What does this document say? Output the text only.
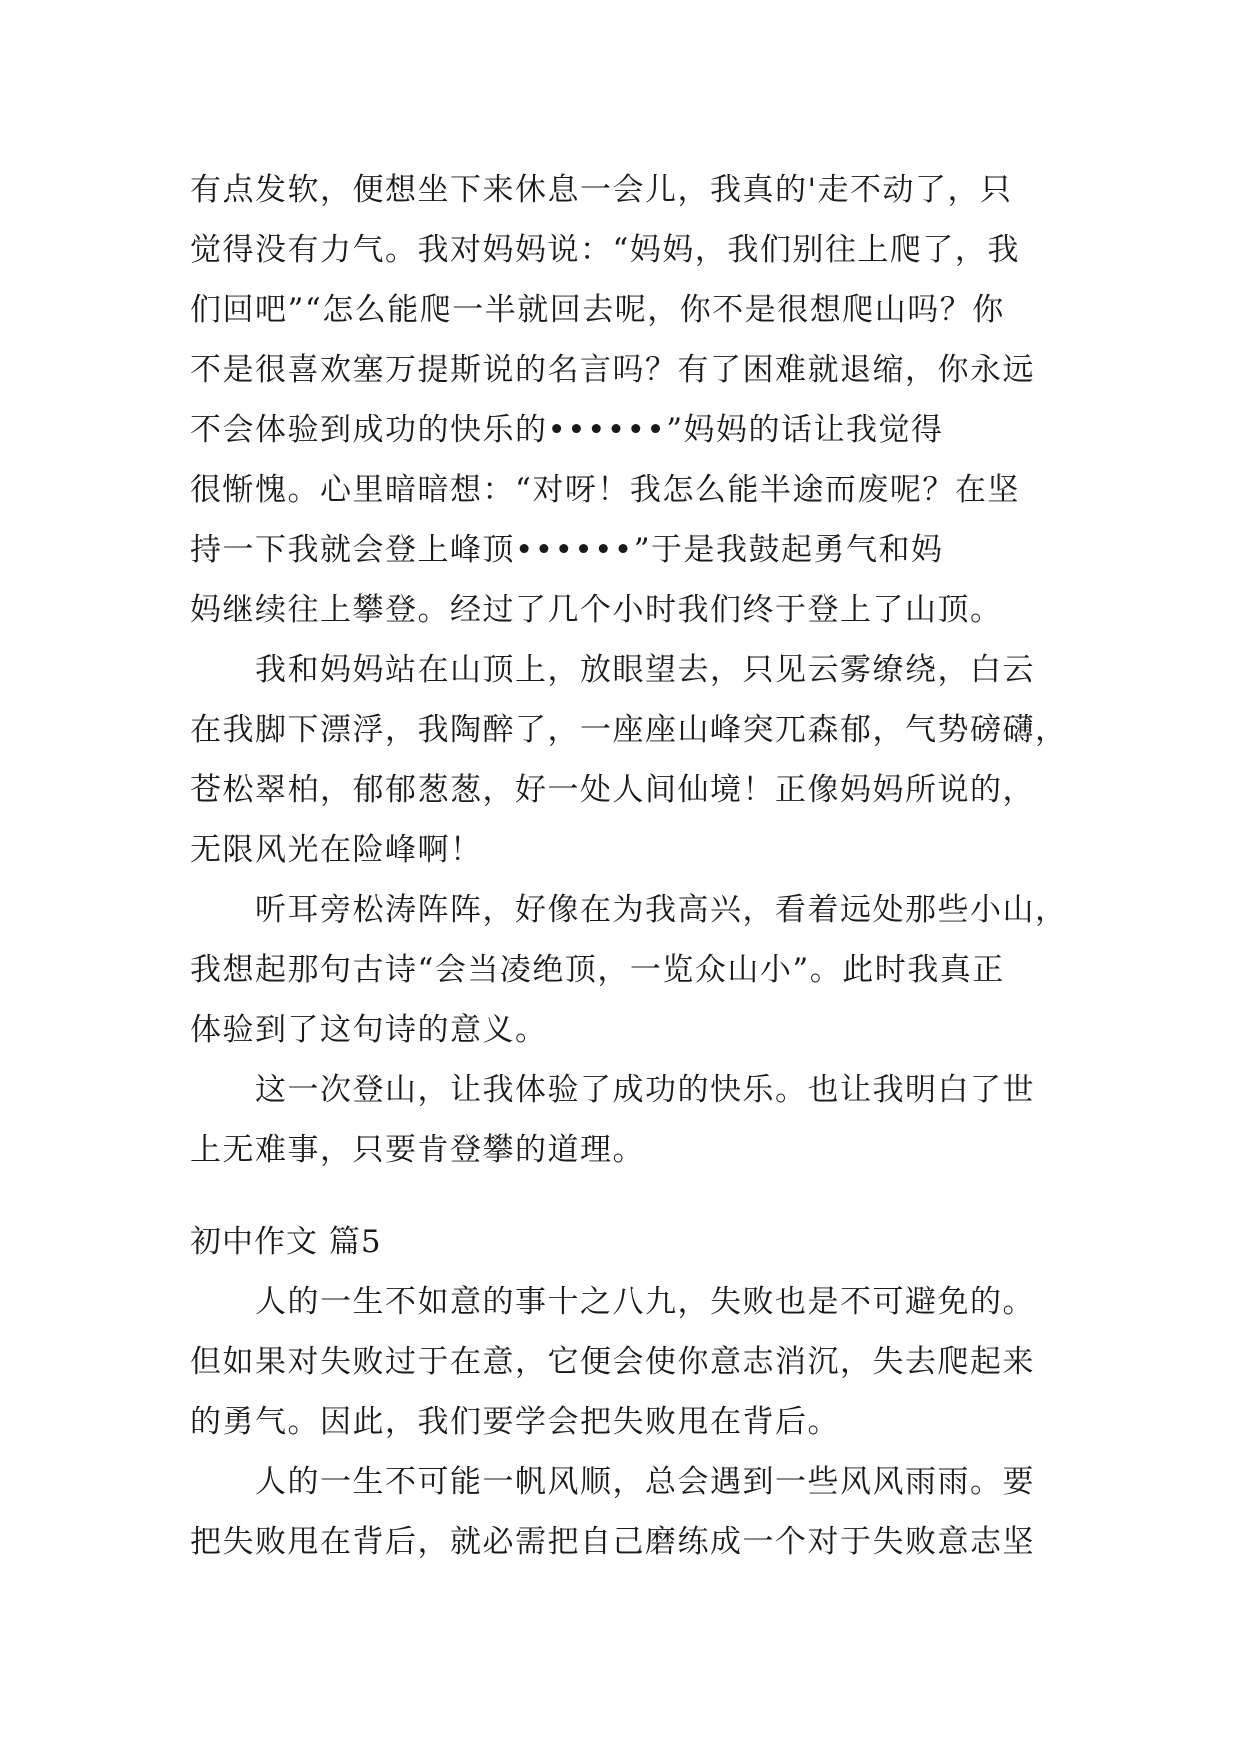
有点发软，便想坐下来休息一会儿，我真的'走不动了，只
觉得没有力气。我对妈妈说：“妈妈，我们别往上爬了，我
们回吧”“怎么能爬一半就回去呢，你不是很想爬山吗？你
不是很喜欢塞万提斯说的名言吗？有了困难就退缩，你永远
不会体验到成功的快乐的••••••”妈妈的话让我觉得
很惭愧。心里暗暗想：“对呀！我怎么能半途而废呢？在坚
持一下我就会登上峰顶••••••”于是我鼓起勇气和妈
妈继续往上攀登。经过了几个小时我们终于登上了山顶。
　　我和妈妈站在山顶上，放眼望去，只见云雾缭绕，白云
在我脚下漂浮，我陶醉了，一座座山峰突兀森郁，气势磅礴，
苍松翠柏，郁郁葱葱，好一处人间仙境！正像妈妈所说的，
无限风光在险峰啊！
　　听耳旁松涛阵阵，好像在为我高兴，看着远处那些小山，
我想起那句古诗“会当凌绝顶，一览众山小”。此时我真正
体验到了这句诗的意义。
　　这一次登山，让我体验了成功的快乐。也让我明白了世
上无难事，只要肯登攀的道理。
初中作文 篇5
　　人的一生不如意的事十之八九，失败也是不可避免的。
但如果对失败过于在意，它便会使你意志消沉，失去爬起来
的勇气。因此，我们要学会把失败甩在背后。
　　人的一生不可能一帆风顺，总会遇到一些风风雨雨。要
把失败甩在背后，就必需把自己磨练成一个对于失败意志坚
